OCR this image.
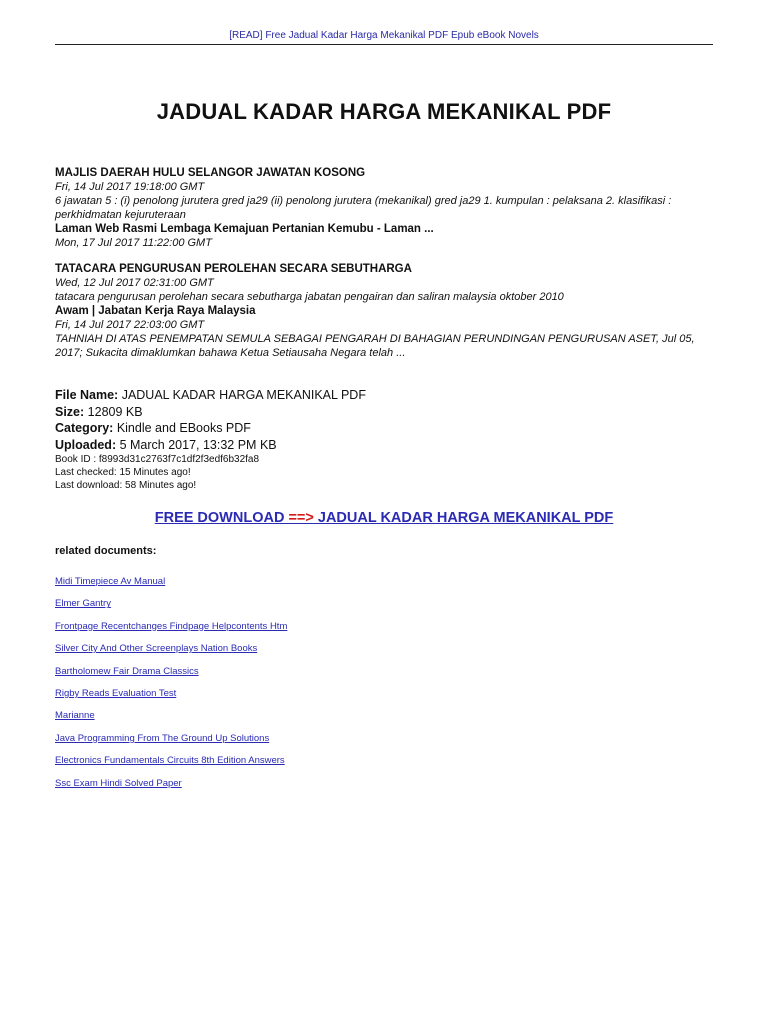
[READ] Free Jadual Kadar Harga Mekanikal PDF Epub eBook Novels
JADUAL KADAR HARGA MEKANIKAL PDF

MAJLIS DAERAH HULU SELANGOR JAWATAN KOSONG

Fri, 14 Jul 2017 19:18:00 GMT

6 jawatan 5 : (i) penolong jurutera gred ja29 (ii) penolong jurutera (mekanikal) gred ja29 1. kumpulan : pelaksana 2. klasifikasi : perkhidmatan kejuruteraan

Laman Web Rasmi Lembaga Kemajuan Pertanian Kemubu - Laman ...

Mon, 17 Jul 2017 11:22:00 GMT

TATACARA PENGURUSAN PEROLEHAN SECARA SEBUTHARGA

Wed, 12 Jul 2017 02:31:00 GMT

tatacara pengurusan perolehan secara sebutharga jabatan pengairan dan saliran malaysia oktober 2010

Awam | Jabatan Kerja Raya Malaysia

Fri, 14 Jul 2017 22:03:00 GMT

TAHNIAH DI ATAS PENEMPATAN SEMULA SEBAGAI PENGARAH DI BAHAGIAN PERUNDINGAN PENGURUSAN ASET, Jul 05, 2017; Sukacita dimaklumkan bahawa Ketua Setiausaha Negara telah ...

File Name: JADUAL KADAR HARGA MEKANIKAL PDF

Size: 12809 KB

Category: Kindle and EBooks PDF

Uploaded: 5 March 2017, 13:32 PM KB

Book ID : f8993d31c2763f7c1df2f3edf6b32fa8

Last checked: 15 Minutes ago!

Last download: 58 Minutes ago!

FREE DOWNLOAD ==> JADUAL KADAR HARGA MEKANIKAL PDF
related documents:
Midi Timepiece Av Manual
Elmer Gantry
Frontpage Recentchanges Findpage Helpcontents Htm
Silver City And Other Screenplays Nation Books
Bartholomew Fair Drama Classics
Rigby Reads Evaluation Test
Marianne
Java Programming From The Ground Up Solutions
Electronics Fundamentals Circuits 8th Edition Answers
Ssc Exam Hindi Solved Paper
